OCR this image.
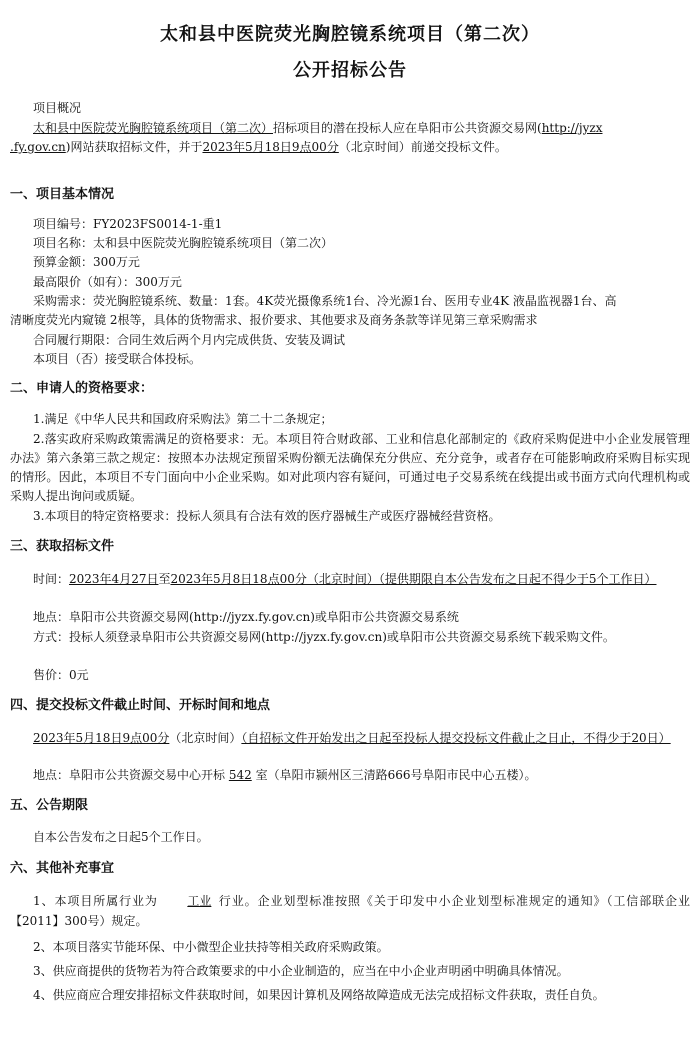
太和县中医院荧光胸腔镜系统项目（第二次）
公开招标公告
项目概况
太和县中医院荧光胸腔镜系统项目（第二次）招标项目的潜在投标人应在阜阳市公共资源交易网(http://jyzx
.fy.gov.cn)网站获取招标文件，并于2023年5月18日9点00分（北京时间）前递交投标文件。
一、项目基本情况
项目编号：FY2023FS0014-1-重1
项目名称：太和县中医院荧光胸腔镜系统项目（第二次）
预算金额：300万元
最高限价（如有）：300万元
采购需求：荧光胸腔镜系统、数量：1套。4K荧光摄像系统1台、冷光源1台、医用专业4K 液晶监视器1台、高
清晰度荧光内窥镜 2根等，具体的货物需求、报价要求、其他要求及商务条款等详见第三章采购需求
合同履行期限：合同生效后两个月内完成供货、安装及调试
本项目（否）接受联合体投标。
二、申请人的资格要求：
1.满足《中华人民共和国政府采购法》第二十二条规定；
2.落实政府采购政策需满足的资格要求：无。本项目符合财政部、工业和信息化部制定的《政府采购促进中小企业发展管理办法》第六条第三款之规定：按照本办法规定预留采购份额无法确保充分供应、充分竞争，或者存在可能影响政府采购目标实现的情形。因此，本项目不专门面向中小企业采购。如对此项内容有疑问，可通过电子交易系统在线提出或书面方式向代理机构或采购人提出询问或质疑。
3.本项目的特定资格要求：投标人须具有合法有效的医疗器械生产或医疗器械经营资格。
三、获取招标文件
时间：2023年4月27日至2023年5月8日18点00分（北京时间）（提供期限自本公告发布之日起不得少于5个工作日）
地点：阜阳市公共资源交易网(http://jyzx.fy.gov.cn)或阜阳市公共资源交易系统
方式：投标人须登录阜阳市公共资源交易网(http://jyzx.fy.gov.cn)或阜阳市公共资源交易系统下载采购文件。
售价：0元
四、提交投标文件截止时间、开标时间和地点
2023年5月18日9点00分（北京时间）（自招标文件开始发出之日起至投标人提交投标文件截止之日止，不得少于20日）
地点：阜阳市公共资源交易中心开标 542 室（阜阳市颍州区三清路666号阜阳市民中心五楼）。
五、公告期限
自本公告发布之日起5个工作日。
六、其他补充事宜
1、本项目所属行业为 工业 行业。企业划型标准按照《关于印发中小企业划型标准规定的通知》（工信部联企业【2011】300号）规定。
2、本项目落实节能环保、中小微型企业扶持等相关政府采购政策。
3、供应商提供的货物若为符合政策要求的中小企业制造的，应当在中小企业声明函中明确具体情况。
4、供应商应合理安排招标文件获取时间，如果因计算机及网络故障造成无法完成招标文件获取，责任自负。
